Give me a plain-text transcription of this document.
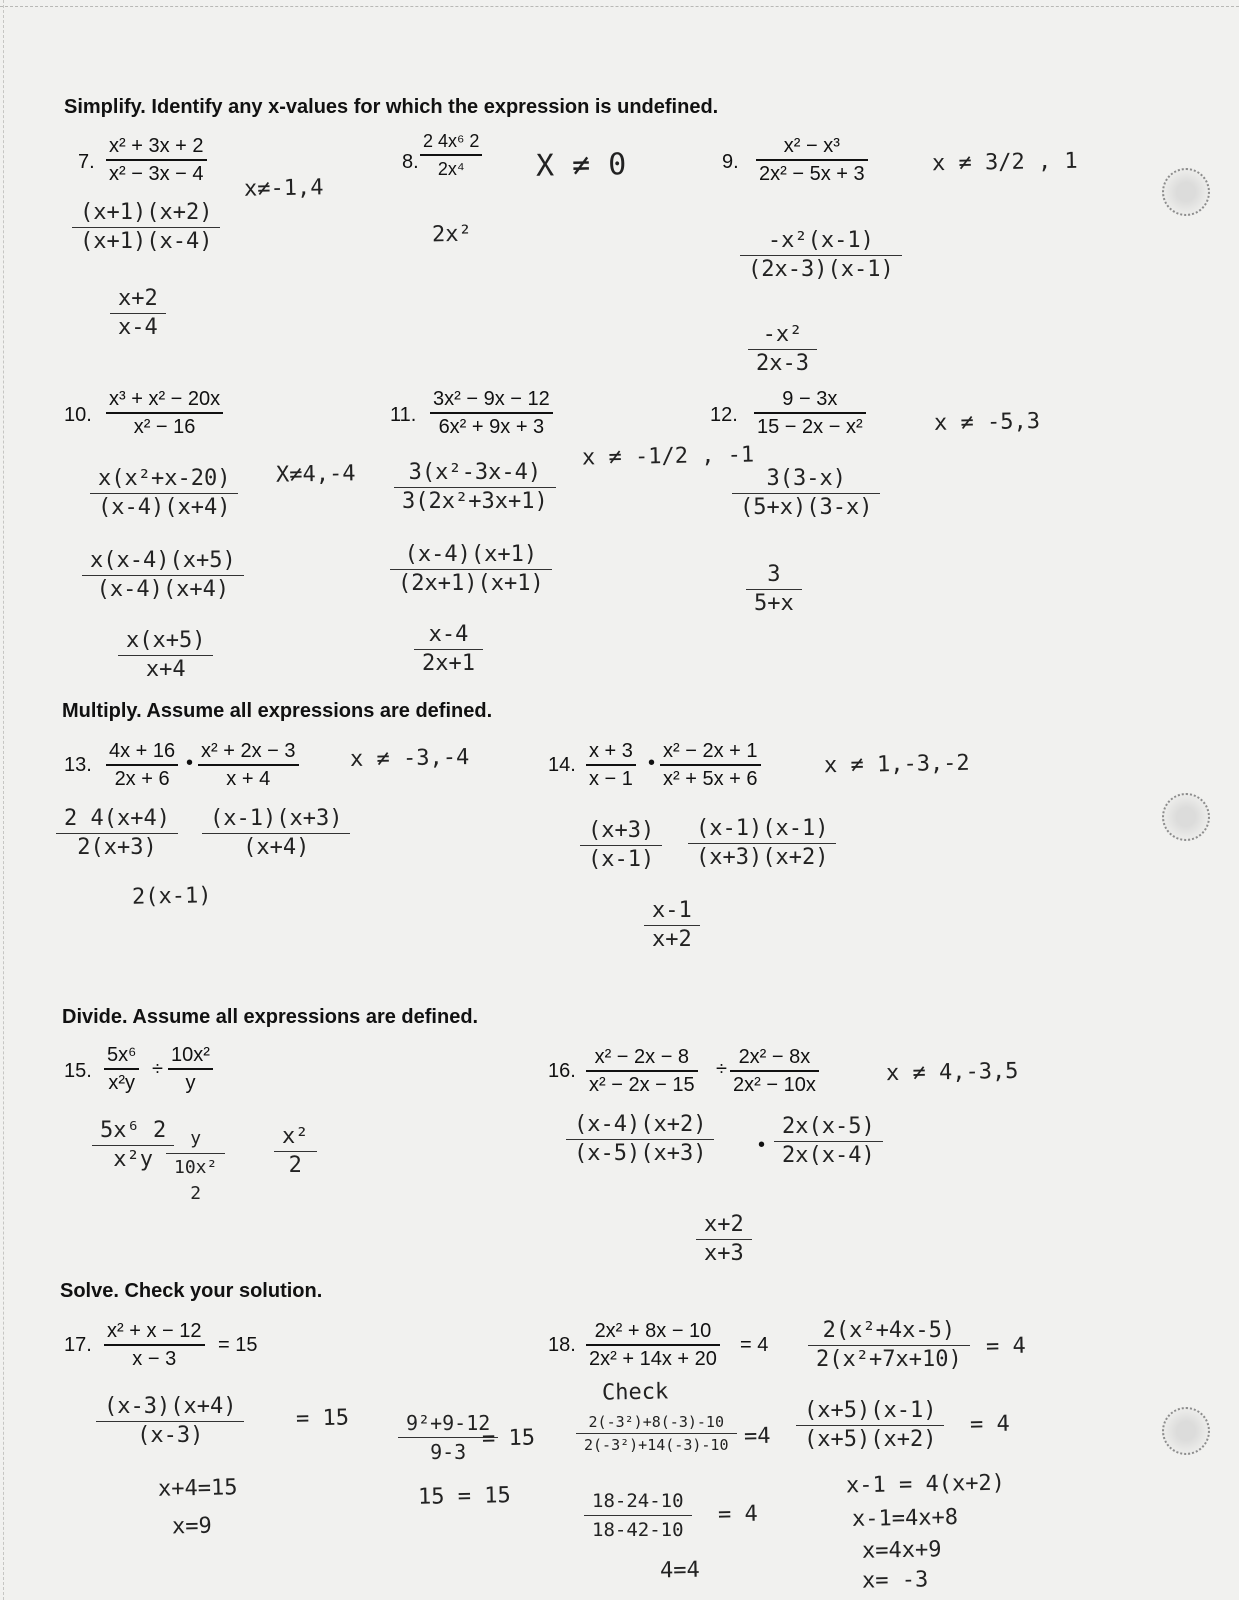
Simplify. Identify any x-values for which the expression is undefined.
7.
x² + 3x + 2
x² − 3x − 4
x≠-1,4
(x+1)(x+2)
(x+1)(x-4)
x+2
x-4
8.
2 4x⁶ 2
2x⁴ X ≠ 0
2x²
9.
x² − x³
2x² − 5x + 3	x ≠ 3/2 , 1
-x²(x-1)
(2x-3)(x-1)
-x²
2x-3
10.
x³ + x² − 20x
x² − 16
X≠4,-4
x(x²+x-20)
(x-4)(x+4)
x(x-4)(x+5)
(x-4)(x+4)
x(x+5)
x+4
11.
3x² − 9x − 12
6x² + 9x + 3
x ≠ -1/2 , -1
3(x²-3x-4)
3(2x²+3x+1)
(x-4)(x+1)
(2x+1)(x+1)
x-4
2x+1
12.
9 − 3x
15 − 2x − x²	x ≠ -5,3
3(3-x)
(5+x)(3-x)
3
5+x
Multiply. Assume all expressions are defined.
13.
4x + 16
2x + 6
•
x² + 2x − 3
x + 4
x ≠ -3,-4
2 4(x+4)
2(x+3)
(x-1)(x+3)
(x+4)
2(x-1)
14.
x + 3
x − 1
•
x² − 2x + 1
x² + 5x + 6
x ≠ 1,-3,-2
(x+3)
(x-1)
(x-1)(x-1)
(x+3)(x+2)
x-1
x+2
Divide. Assume all expressions are defined.
15.
5x⁶
x²y
÷
10x²
y
5x⁶ 2
x²y
y
10x²
2
x²
2
16.
x² − 2x − 8
x² − 2x − 15
÷
2x² − 8x
2x² − 10x	x ≠ 4,-3,5
(x-4)(x+2)
(x-5)(x+3)	•
2x(x-5)
2x(x-4)
x+2
x+3
Solve. Check your solution.
17.
x² + x − 12
x − 3
= 15
(x-3)(x+4)
(x-3)
= 15
x+4=15
x=9
9²+9-12
9-3
= 15
15 = 15
18.
2x² + 8x − 10
2x² + 14x + 20
= 4
Check
2(-3²)+8(-3)-10
2(-3²)+14(-3)-10 =4
18-24-10
18-42-10
= 4
4=4
2(x²+4x-5)
2(x²+7x+10)
= 4
(x+5)(x-1)
(x+5)(x+2)
= 4
x-1 = 4(x+2)
x-1=4x+8
x=4x+9
x= -3
